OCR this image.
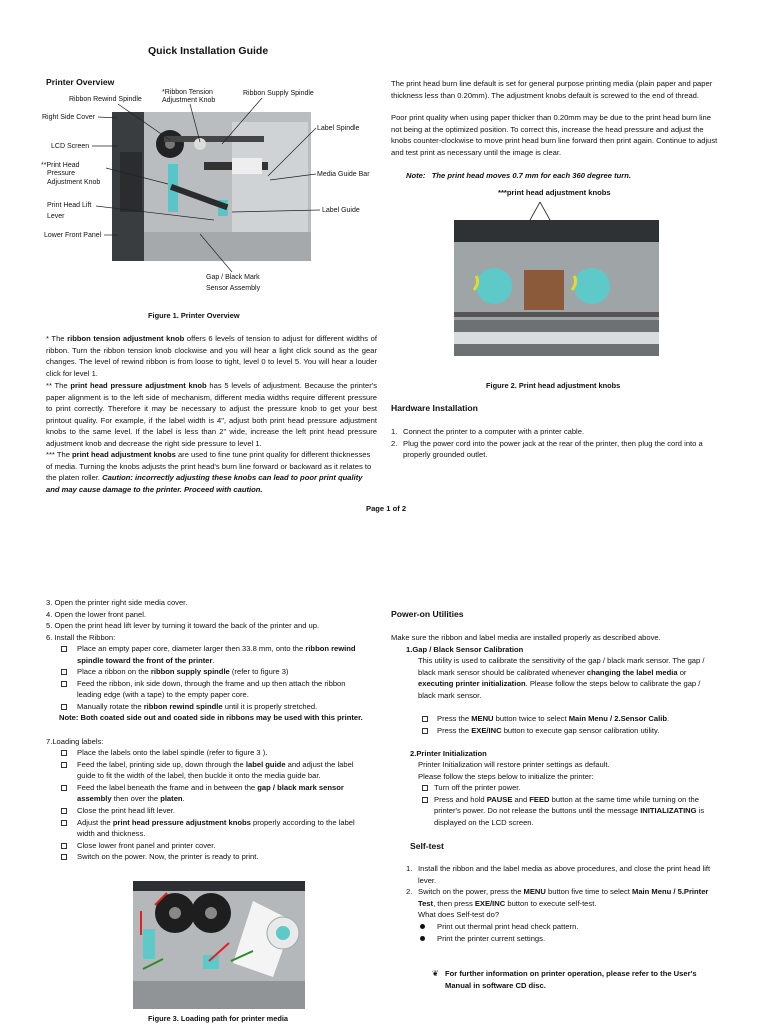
Quick Installation Guide
Printer Overview
Ribbon Rewind Spindle
*Ribbon Tension
Adjustment Knob
Ribbon Supply Spindle
Right Side Cover
Label Spindle
LCD Screen
**Print Head
Pressure
Adjustment Knob
Media Guide Bar
Print Head Lift
Lever
Label Guide
Lower Front Panel
Gap / Black Mark
Sensor Assembly
Figure 1. Printer Overview
* The ribbon tension adjustment knob offers 6 levels of tension to adjust for different widths of ribbon. Turn the ribbon tension knob clockwise and you will hear a light click sound as the gear changes. The level of rewind ribbon is from loose to tight, level 0 to level 5. You will hear a louder click for level 1.
** The print head pressure adjustment knob has 5 levels of adjustment. Because the printer's paper alignment is to the left side of mechanism, different media widths require different pressure to print correctly. Therefore it may be necessary to adjust the pressure knob to get your best printout quality. For example, if the label width is 4", adjust both print head pressure adjustment knobs to the same level. If the label is less than 2" wide, increase the left print head pressure adjustment knob and decrease the right side pressure to level 1.
*** The print head adjustment knobs are used to fine tune print quality for different thicknesses of media. Turning the knobs adjusts the print head's burn line forward or backward as it relates to the platen roller. Caution: incorrectly adjusting these knobs can lead to poor print quality and may cause damage to the printer. Proceed with caution.
The print head burn line default is set for general purpose printing media (plain paper and paper thickness less than 0.20mm). The adjustment knobs default is screwed to the end of thread.
Poor print quality when using paper thicker than 0.20mm may be due to the print head burn line not being at the optimized position. To correct this, increase the head pressure and adjust the knobs counter-clockwise to move print head burn line forward then print again. Continue to adjust and test print as necessary until the image is clear.
Note: The print head moves 0.7 mm for each 360 degree turn.
***print head adjustment knobs
Figure 2. Print head adjustment knobs
Hardware Installation
1. Connect the printer to a computer with a printer cable.
2. Plug the power cord into the power jack at the rear of the printer, then plug the cord into a properly grounded outlet.
Page 1 of 2
3. Open the printer right side media cover.
4. Open the lower front panel.
5. Open the print head lift lever by turning it toward the back of the printer and up.
6. Install the Ribbon:
Place an empty paper core, diameter larger then 33.8 mm, onto the ribbon rewind spindle toward the front of the printer.
Place a ribbon on the ribbon supply spindle (refer to figure 3)
Feed the ribbon, ink side down, through the frame and up then attach the ribbon leading edge (with a tape) to the empty paper core.
Manually rotate the ribbon rewind spindle until it is properly stretched.
Note: Both coated side out and coated side in ribbons may be used with this printer.
7.Loading labels:
Place the labels onto the label spindle (refer to figure 3 ).
Feed the label, printing side up, down through the label guide and adjust the label guide to fit the width of the label, then buckle it onto the media guide bar.
Feed the label beneath the frame and in between the gap / black mark sensor assembly then over the platen.
Close the print head lift lever.
Adjust the print head pressure adjustment knobs properly according to the label width and thickness.
Close lower front panel and printer cover.
Switch on the power. Now, the printer is ready to print.
Figure 3. Loading path for printer media
Power-on Utilities
Make sure the ribbon and label media are installed properly as described above.
1.Gap / Black Sensor Calibration
This utility is used to calibrate the sensitivity of the gap / black mark sensor. The gap / black mark sensor should be calibrated whenever changing the label media or executing printer initialization. Please follow the steps below to calibrate the gap / black mark sensor.
Press the MENU button twice to select Main Menu / 2.Sensor Calib.
Press the EXE/INC button to execute gap sensor calibration utility.
2.Printer Initialization
Printer Initialization will restore printer settings as default.
Please follow the steps below to initialize the printer:
Turn off the printer power.
Press and hold PAUSE and FEED button at the same time while turning on the printer's power. Do not release the buttons until the message INITIALIZATING is displayed on the LCD screen.
Self-test
1. Install the ribbon and the label media as above procedures, and close the print head lift lever.
2. Switch on the power, press the MENU button five time to select Main Menu / 5.Printer Test, then press EXE/INC button to execute self-test.
What does Self-test do?
Print out thermal print head check pattern.
Print the printer current settings.
❦ For further information on printer operation, please refer to the User's Manual in software CD disc.
